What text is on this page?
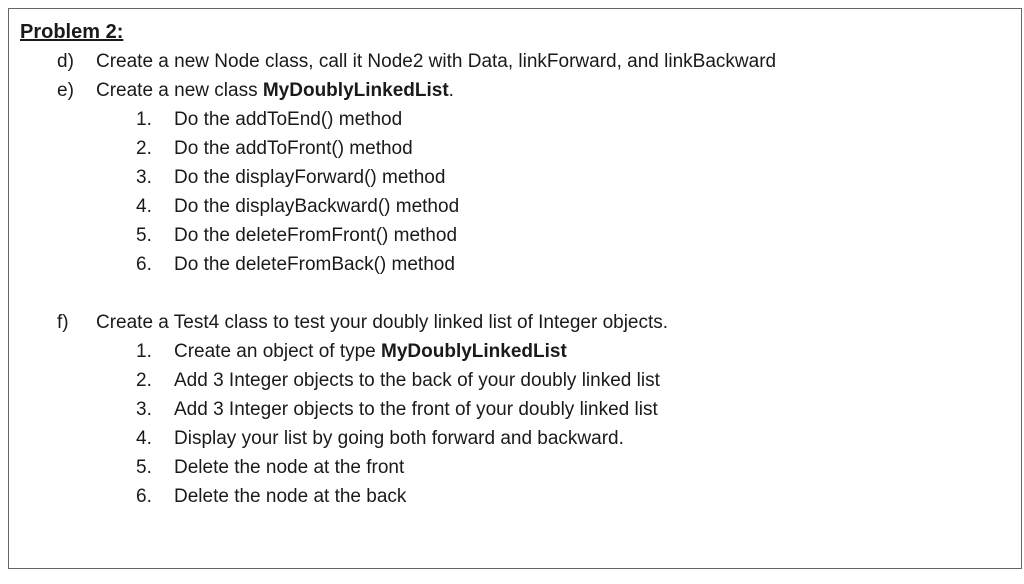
Problem 2:
d) Create a new Node class, call it Node2 with Data, linkForward, and linkBackward
e) Create a new class MyDoublyLinkedList.
1. Do the addToEnd() method
2. Do the addToFront() method
3. Do the displayForward() method
4. Do the displayBackward() method
5. Do the deleteFromFront() method
6. Do the deleteFromBack() method
f) Create a Test4 class to test your doubly linked list of Integer objects.
1. Create an object of type MyDoublyLinkedList
2. Add 3 Integer objects to the back of your doubly linked list
3. Add 3 Integer objects to the front of your doubly linked list
4. Display your list by going both forward and backward.
5. Delete the node at the front
6. Delete the node at the back
